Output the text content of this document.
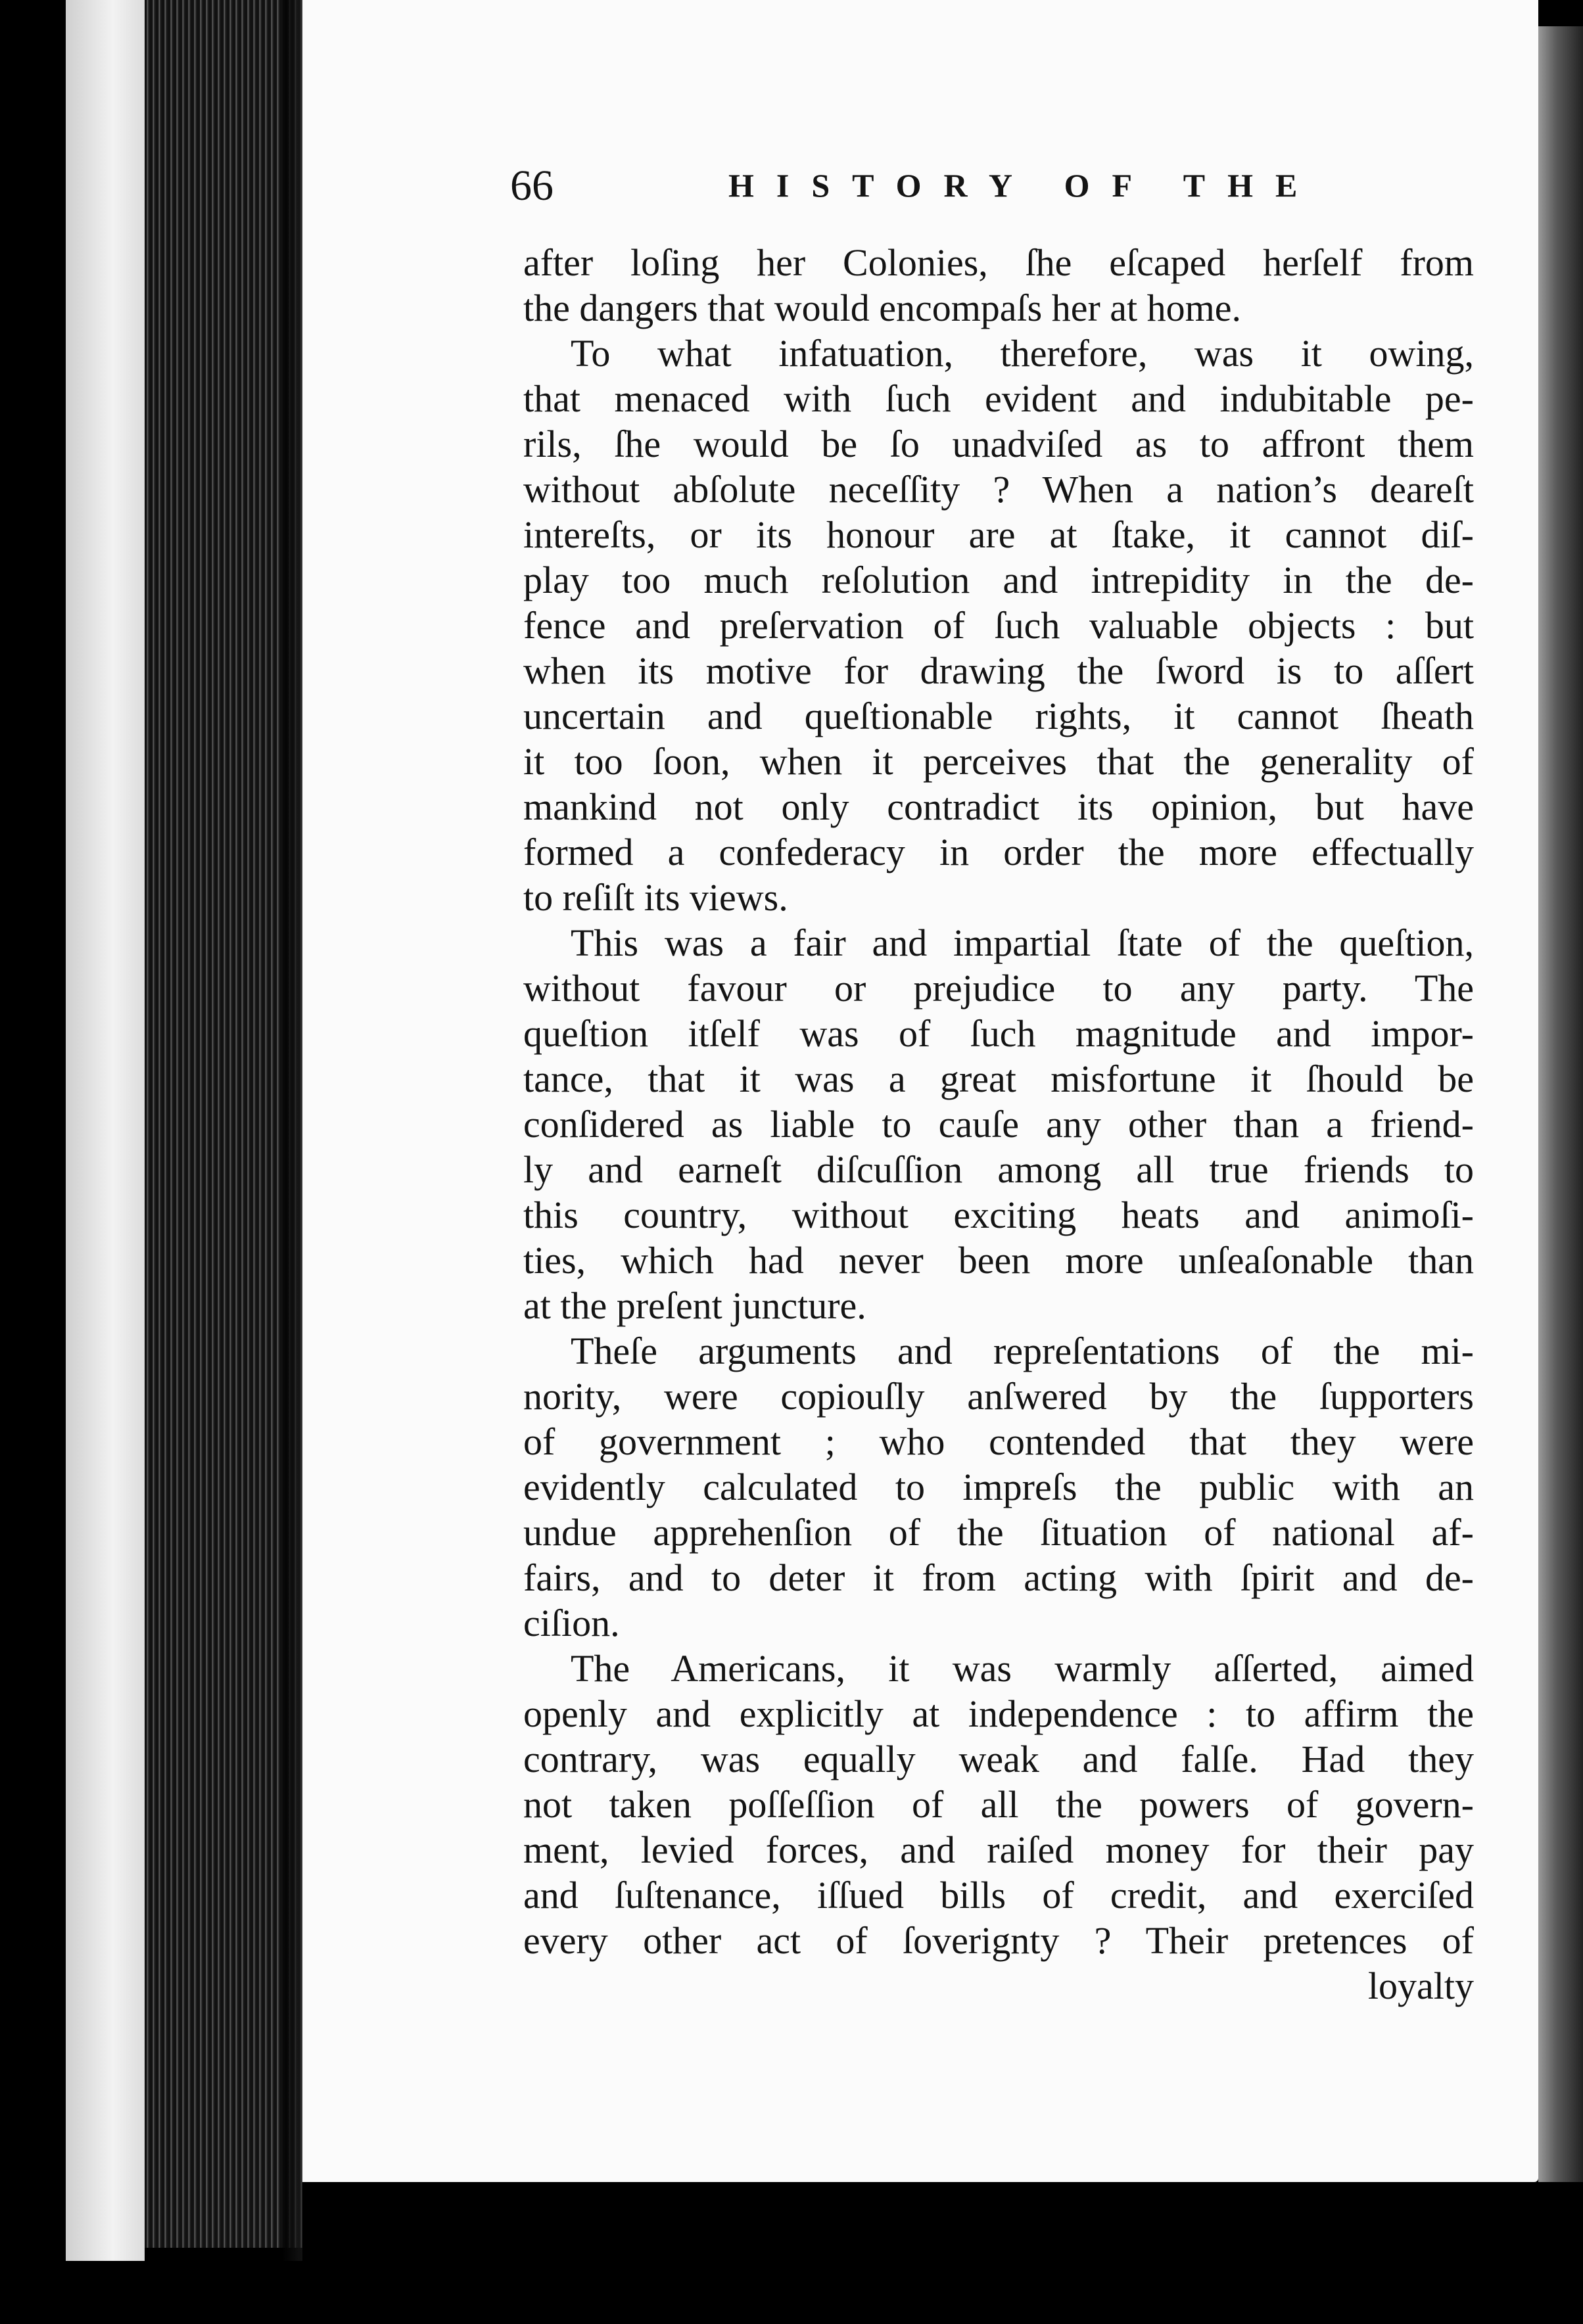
66	HISTORY OF THE
after loſing her Colonies, ſhe eſcaped herſelf from
the dangers that would encompaſs her at home.
To what infatuation, therefore, was it owing,
that menaced with ſuch evident and indubitable pe-
rils, ſhe would be ſo unadviſed as to affront them
without abſolute neceſſity ? When a nation’s deareſt
intereſts, or its honour are at ſtake, it cannot diſ-
play too much reſolution and intrepidity in the de-
fence and preſervation of ſuch valuable objects : but
when its motive for drawing the ſword is to aſſert
uncertain and queſtionable rights, it cannot ſheath
it too ſoon, when it perceives that the generality of
mankind not only contradict its opinion, but have
formed a confederacy in order the more effectually
to reſiſt its views.
This was a fair and impartial ſtate of the queſtion,
without favour or prejudice to any party. The
queſtion itſelf was of ſuch magnitude and impor-
tance, that it was a great misfortune it ſhould be
conſidered as liable to cauſe any other than a friend-
ly and earneſt diſcuſſion among all true friends to
this country, without exciting heats and animoſi-
ties, which had never been more unſeaſonable than
at the preſent juncture.
Theſe arguments and repreſentations of the mi-
nority, were copiouſly anſwered by the ſupporters
of government ; who contended that they were
evidently calculated to impreſs the public with an
undue apprehenſion of the ſituation of national af-
fairs, and to deter it from acting with ſpirit and de-
ciſion.
The Americans, it was warmly aſſerted, aimed
openly and explicitly at independence : to affirm the
contrary, was equally weak and falſe. Had they
not taken poſſeſſion of all the powers of govern-
ment, levied forces, and raiſed money for their pay
and ſuſtenance, iſſued bills of credit, and exerciſed
every other act of ſoverignty ? Their pretences of
loyalty
